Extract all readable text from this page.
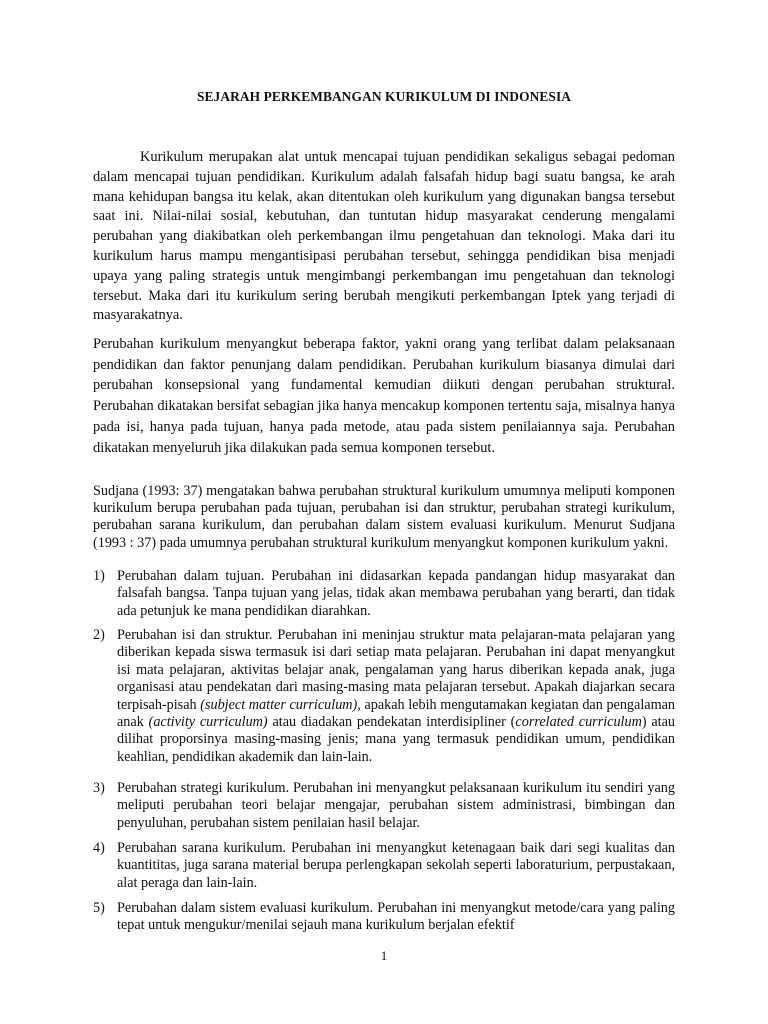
SEJARAH PERKEMBANGAN KURIKULUM DI INDONESIA

Kurikulum merupakan alat untuk mencapai tujuan pendidikan sekaligus sebagai pedoman dalam mencapai tujuan pendidikan. Kurikulum adalah falsafah hidup bagi suatu bangsa, ke arah mana kehidupan bangsa itu kelak, akan ditentukan oleh kurikulum yang digunakan bangsa tersebut saat ini. Nilai-nilai sosial, kebutuhan, dan tuntutan hidup masyarakat cenderung mengalami perubahan yang diakibatkan oleh perkembangan ilmu pengetahuan dan teknologi. Maka dari itu kurikulum harus mampu mengantisipasi perubahan tersebut, sehingga pendidikan bisa menjadi upaya yang paling strategis untuk mengimbangi perkembangan imu pengetahuan dan teknologi tersebut. Maka dari itu kurikulum sering berubah mengikuti perkembangan Iptek yang terjadi di masyarakatnya.

Perubahan kurikulum menyangkut beberapa faktor, yakni orang yang terlibat dalam pelaksanaan pendidikan dan faktor penunjang dalam pendidikan. Perubahan kurikulum biasanya dimulai dari perubahan konsepsional yang fundamental kemudian diikuti dengan perubahan struktural. Perubahan dikatakan bersifat sebagian jika hanya mencakup komponen tertentu saja, misalnya hanya pada isi, hanya pada tujuan, hanya pada metode, atau pada sistem penilaiannya saja. Perubahan dikatakan menyeluruh jika dilakukan pada semua komponen tersebut.

Sudjana (1993: 37) mengatakan bahwa perubahan struktural kurikulum umumnya meliputi komponen kurikulum berupa perubahan pada tujuan, perubahan isi dan struktur, perubahan strategi kurikulum, perubahan sarana kurikulum, dan perubahan dalam sistem evaluasi kurikulum. Menurut Sudjana (1993 : 37) pada umumnya perubahan struktural kurikulum menyangkut komponen kurikulum yakni.

1) Perubahan dalam tujuan. Perubahan ini didasarkan kepada pandangan hidup masyarakat dan falsafah bangsa. Tanpa tujuan yang jelas, tidak akan membawa perubahan yang berarti, dan tidak ada petunjuk ke mana pendidikan diarahkan.
2) Perubahan isi dan struktur. Perubahan ini meninjau struktur mata pelajaran-mata pelajaran yang diberikan kepada siswa termasuk isi dari setiap mata pelajaran. Perubahan ini dapat menyangkut isi mata pelajaran, aktivitas belajar anak, pengalaman yang harus diberikan kepada anak, juga organisasi atau pendekatan dari masing-masing mata pelajaran tersebut. Apakah diajarkan secara terpisah-pisah (subject matter curriculum), apakah lebih mengutamakan kegiatan dan pengalaman anak (activity curriculum) atau diadakan pendekatan interdisipliner (correlated curriculum) atau dilihat proporsinya masing-masing jenis; mana yang termasuk pendidikan umum, pendidikan keahlian, pendidikan akademik dan lain-lain.
3) Perubahan strategi kurikulum. Perubahan ini menyangkut pelaksanaan kurikulum itu sendiri yang meliputi perubahan teori belajar mengajar, perubahan sistem administrasi, bimbingan dan penyuluhan, perubahan sistem penilaian hasil belajar.
4) Perubahan sarana kurikulum. Perubahan ini menyangkut ketenagaan baik dari segi kualitas dan kuantititas, juga sarana material berupa perlengkapan sekolah seperti laboraturium, perpustakaan, alat peraga dan lain-lain.
5) Perubahan dalam sistem evaluasi kurikulum. Perubahan ini menyangkut metode/cara yang paling tepat untuk mengukur/menilai sejauh mana kurikulum berjalan efektif
1
